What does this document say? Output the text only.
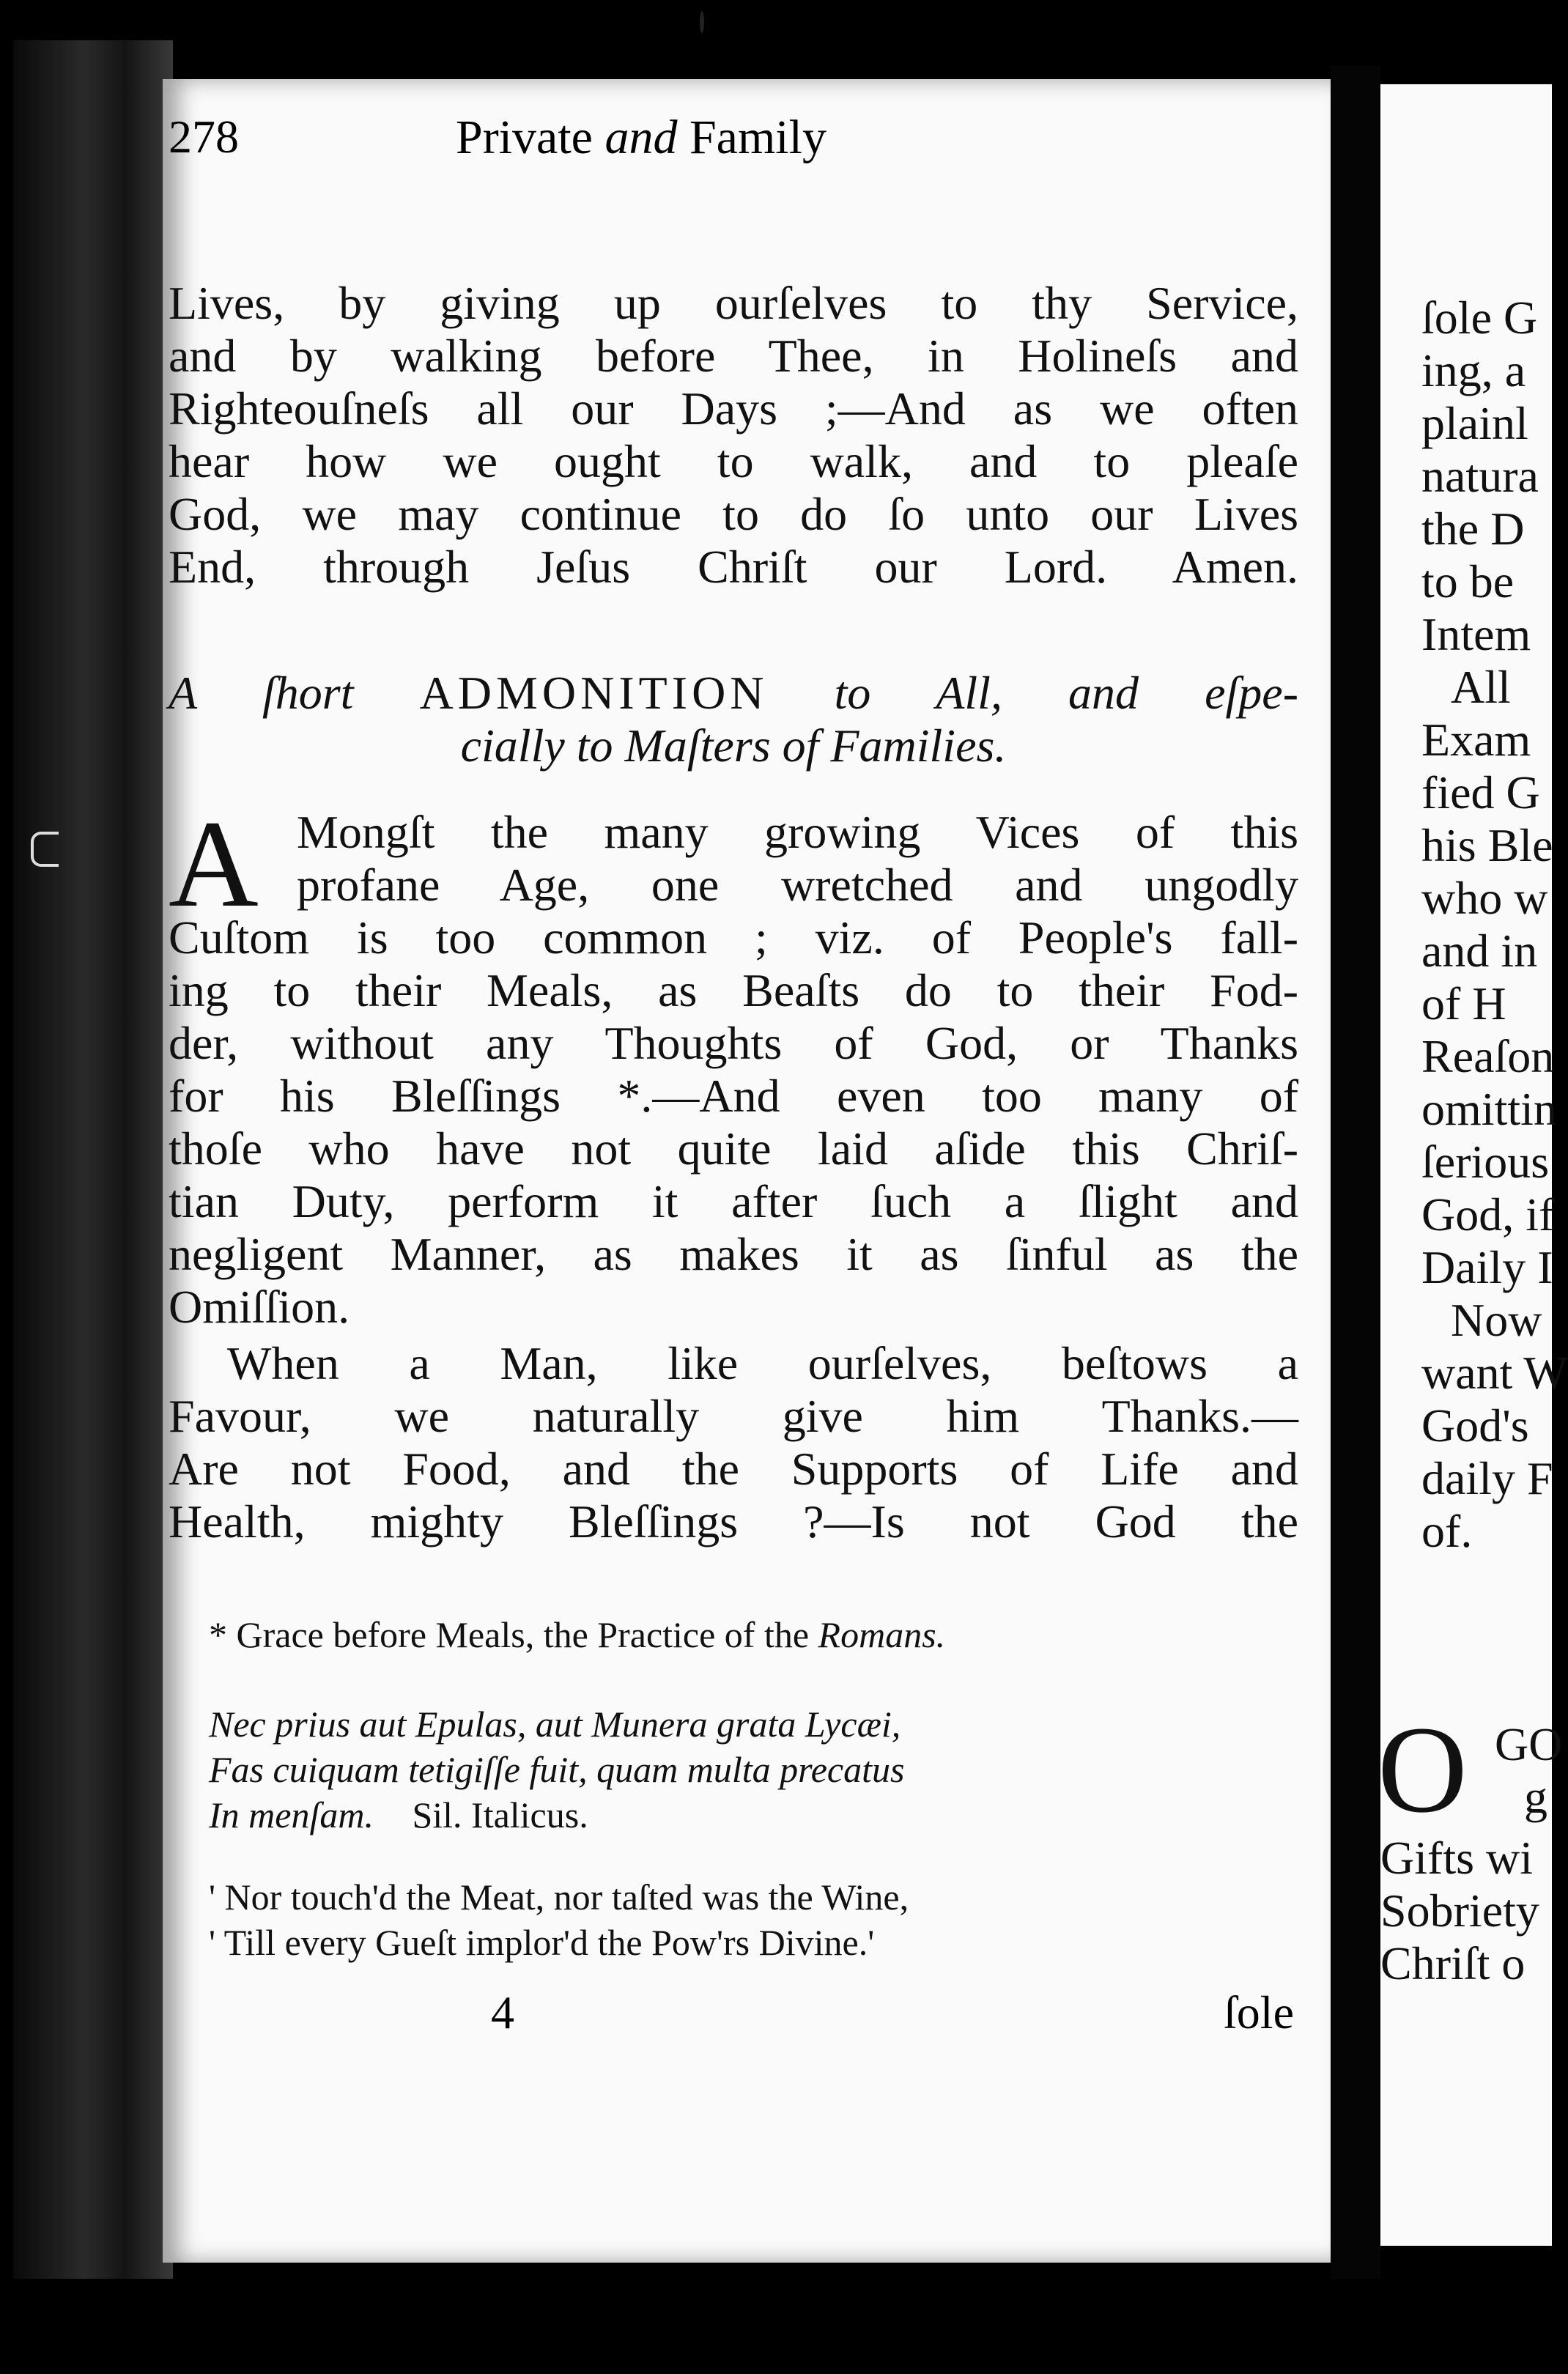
278	Private and Family
Lives, by giving up ourſelves to thy Service,
and by walking before Thee, in Holineſs and
Righteouſneſs all our Days ;—And as we often
hear how we ought to walk, and to pleaſe
God, we may continue to do ſo unto our Lives
End, through Jeſus Chriſt our Lord. Amen.
A ſhort ADMONITION to All, and eſpe-
cially to Maſters of Families.
A Mongſt the many growing Vices of this
profane Age, one wretched and ungodly
Cuſtom is too common ; viz. of People's fall-
ing to their Meals, as Beaſts do to their Fod-
der, without any Thoughts of God, or Thanks
for his Bleſſings *.—And even too many of
thoſe who have not quite laid aſide this Chriſ-
tian Duty, perform it after ſuch a ſlight and
negligent Manner, as makes it as ſinful as the
Omiſſion.
When a Man, like ourſelves, beſtows a
Favour, we naturally give him Thanks.—
Are not Food, and the Supports of Life and
Health, mighty Bleſſings ?—Is not God the
* Grace before Meals, the Practice of the Romans.
Nec prius aut Epulas, aut Munera grata Lycæi,
Fas cuiquam tetigiſſe fuit, quam multa precatus
In menſam. Sil. Italicus.
' Nor touch'd the Meat, nor taſted was the Wine,
' Till every Gueſt implor'd the Pow'rs Divine.'
4	ſole
ſole G
ing, a
plainl
natura
the D
to be
Intem
All
Exam
fied G
his Ble
who w
and in
of H
Reaſon
omittin
ſerious
God, if
Daily I
Now
want W
God's
daily F
of.
O GO
g
Gifts wi
Sobriety
Chriſt o
